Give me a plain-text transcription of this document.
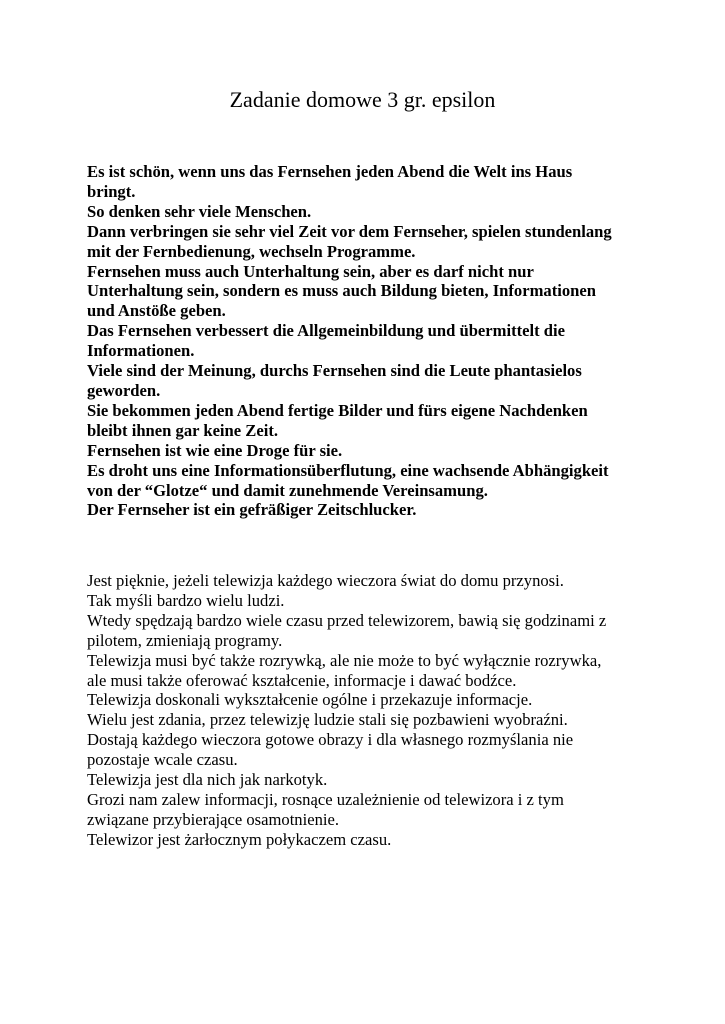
Zadanie domowe 3 gr. epsilon
Es ist schön, wenn uns das Fernsehen jeden Abend die Welt ins Haus
bringt.
So denken sehr viele Menschen.
Dann verbringen sie sehr viel Zeit vor dem Fernseher, spielen stundenlang
mit der Fernbedienung, wechseln Programme.
Fernsehen muss auch Unterhaltung sein, aber es darf nicht nur
Unterhaltung sein, sondern es muss auch Bildung bieten, Informationen
und Anstöße geben.
Das Fernsehen verbessert die Allgemeinbildung und übermittelt die
Informationen.
Viele sind der Meinung, durchs Fernsehen sind die Leute phantasielos
geworden.
Sie bekommen jeden Abend fertige Bilder und fürs eigene Nachdenken
bleibt ihnen gar keine Zeit.
Fernsehen ist wie eine Droge für sie.
Es droht uns eine Informationsüberflutung, eine wachsende Abhängigkeit
von der “Glotze“ und damit zunehmende Vereinsamung.
Der Fernseher ist ein gefräßiger Zeitschlucker.
Jest pięknie, jeżeli telewizja każdego wieczora świat do domu przynosi.
Tak myśli bardzo wielu ludzi.
Wtedy spędzają bardzo wiele czasu przed telewizorem, bawią się godzinami z
pilotem, zmieniają programy.
Telewizja musi być także rozrywką, ale nie może to być wyłącznie rozrywka,
ale musi także oferować kształcenie, informacje i dawać bodźce.
Telewizja doskonali wykształcenie ogólne i przekazuje informacje.
Wielu jest zdania, przez telewizję ludzie stali się pozbawieni wyobraźni.
Dostają każdego wieczora gotowe obrazy i dla własnego rozmyślania nie
pozostaje wcale czasu.
Telewizja jest dla nich jak narkotyk.
Grozi nam zalew informacji, rosnące uzależnienie od telewizora i z tym
związane przybierające osamotnienie.
Telewizor jest żarłocznym połykaczem czasu.
